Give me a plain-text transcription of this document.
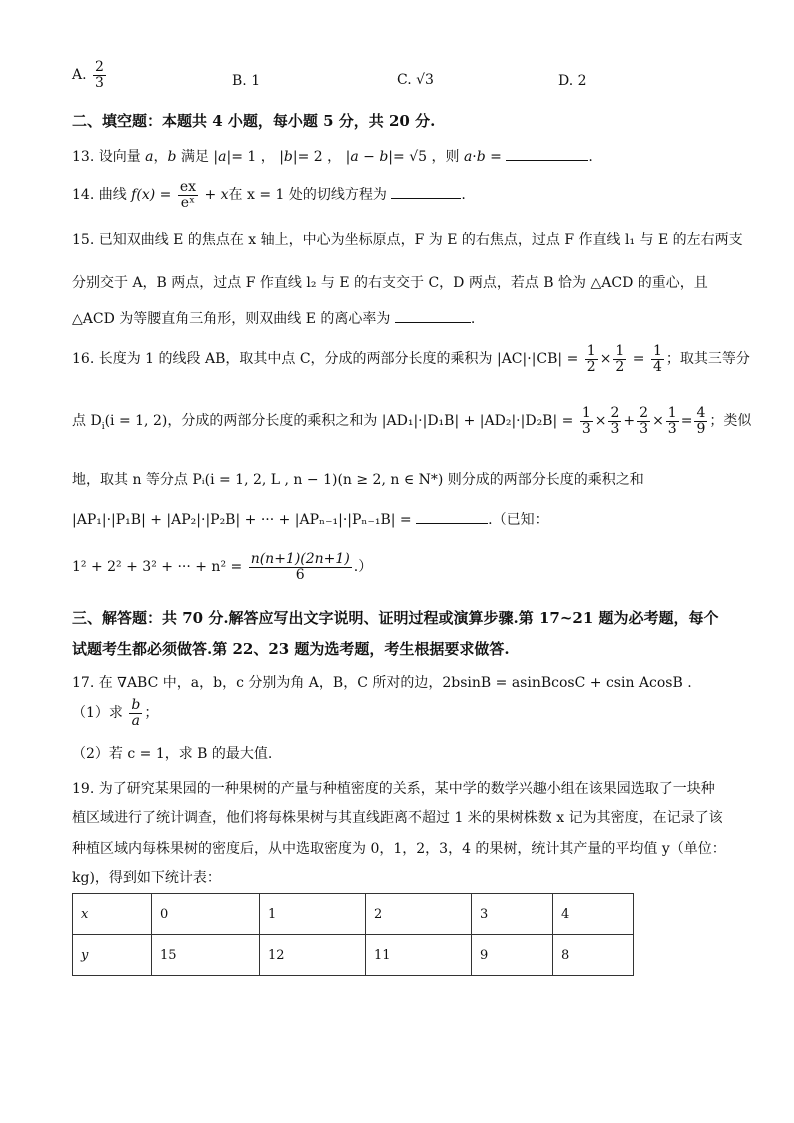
A. $\frac{2}{3}$	B. 1	C. √3	D. 2
二、填空题：本题共 4 小题，每小题 5 分，共 20 分.
13. 设向量 a，b 满足 |a|= 1 ， |b|= 2 ， |a − b|= √5 ，则 a·b =	.
14. 曲线 $f(x) = \frac{ex}{\text{eˣ}} + x$在 x = 1 处的切线方程为	.
15. 已知双曲线 E 的焦点在 x 轴上，中心为坐标原点，F 为 E 的右焦点，过点 F 作直线 l₁ 与 E 的左右两支
分别交于 A，B 两点，过点 F 作直线 l₂ 与 E 的右支交于 C，D 两点，若点 B 恰为 △ACD 的重心，且
△ACD 为等腰直角三角形，则双曲线 E 的离心率为	.
16. 长度为 1 的线段 AB，取其中点 C，分成的两部分长度的乘积为 $|AC|\cdot|CB| = \frac{1}{2} \times \frac{1}{2} = \frac{1}{4}$ ；取其三等分
点 $D_i(i = 1$, 2)，分成的两部分长度的乘积之和为 $|AD_1|\cdot|D_1B| + |AD_2|\cdot|D_2B| = \frac{1}{3} \times \frac{2}{3} + \frac{2}{3} \times \frac{1}{3} = \frac{4}{9}$ ；类似
地，取其 n 等分点 Pᵢ(i = 1, 2, L , n − 1)(n ≥ 2, n ∈ N*) 则分成的两部分长度的乘积之和
|AP₁|·|P₁B| + |AP₂|·|P₂B| + ··· + |APₙ₋₁|·|Pₙ₋₁B| =	.（已知：
1² + 2² + 3² + ··· + $n^2 = \frac{n(n+1)(2n+1)}{6}$ .）
三、解答题：共 70 分.解答应写出文字说明、证明过程或演算步骤.第 17~21 题为必考题，每个
试题考生都必须做答.第 22、23 题为选考题，考生根据要求做答.
17. 在 ∇ABC 中，a，b，c 分别为角 A，B，C 所对的边，2bsinB = asinBcosC + csin AcosB .
（1）求 $\frac{b}{a}$ ；
（2）若 c = 1，求 B 的最大值.
19. 为了研究某果园的一种果树的产量与种植密度的关系，某中学的数学兴趣小组在该果园选取了一块种
植区域进行了统计调查，他们将每株果树与其直线距离不超过 1 米的果树株数 x 记为其密度，在记录了该
种植区域内每株果树的密度后，从中选取密度为 0，1，2，3，4 的果树，统计其产量的平均值 y（单位：
kg)，得到如下统计表：
x	0	1	2	3	4
y	15	12	11	9	8
